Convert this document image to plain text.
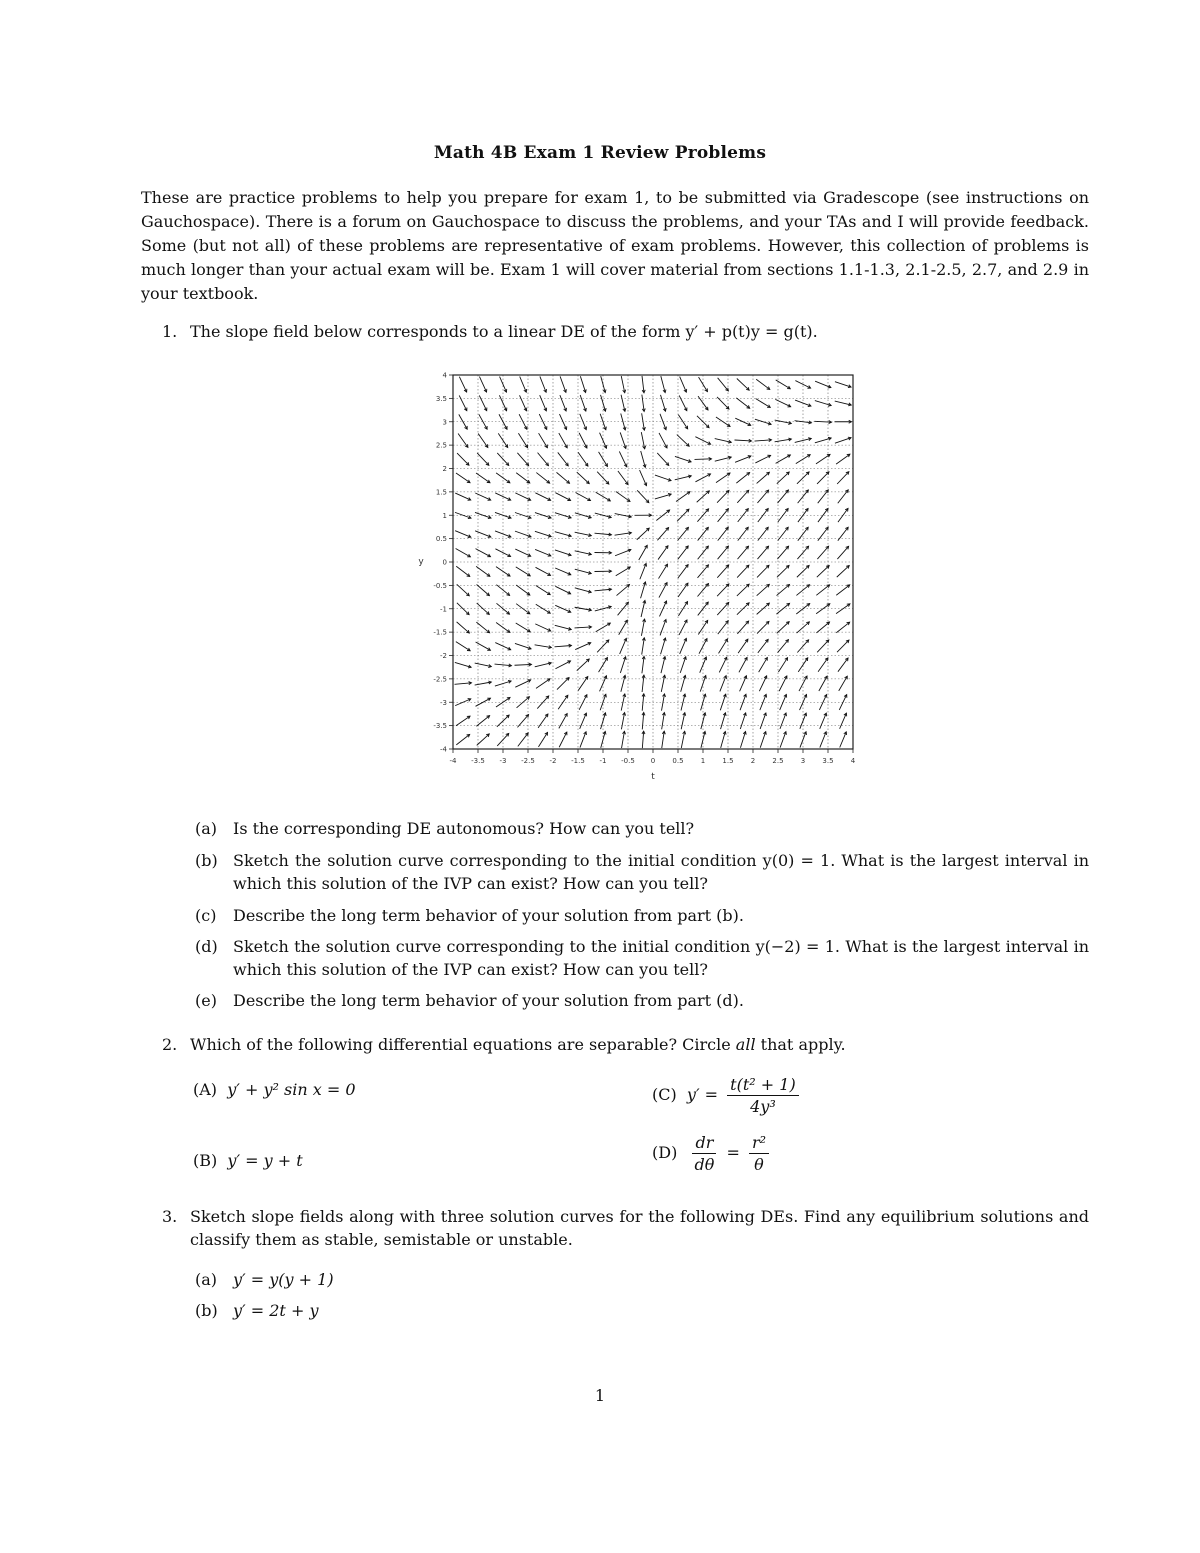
Math 4B Exam 1 Review Problems
These are practice problems to help you prepare for exam 1, to be submitted via Gradescope (see instructions on Gauchospace). There is a forum on Gauchospace to discuss the problems, and your TAs and I will provide feedback. Some (but not all) of these problems are representative of exam problems. However, this collection of problems is much longer than your actual exam will be. Exam 1 will cover material from sections 1.1-1.3, 2.1-2.5, 2.7, and 2.9 in your textbook.
1. The slope field below corresponds to a linear DE of the form y′ + p(t)y = g(t).
-4 -3.5 -3 -2.5 -2 -1.5 -1 -0.5 0 0.5 1 1.5 2 2.5 3 3.5 4
4
3.5
3
2.5
2
1.5
1
0.5
0
-0.5
-1
-1.5
-2
-2.5
-3
-3.5
-4
t
y
(a) Is the corresponding DE autonomous? How can you tell?
(b) Sketch the solution curve corresponding to the initial condition y(0) = 1. What is the largest interval in which this solution of the IVP can exist? How can you tell?
(c) Describe the long term behavior of your solution from part (b).
(d) Sketch the solution curve corresponding to the initial condition y(−2) = 1. What is the largest interval in which this solution of the IVP can exist? How can you tell?
(e) Describe the long term behavior of your solution from part (d).
2. Which of the following differential equations are separable? Circle all that apply.
(A) y′ + y² sin x = 0	(C) $y' = \frac{\text{t(t² + 1)}}{\text{4y³}}$
(B) y′ = y + t	$(D) \frac{dr}{d\theta} = \frac{\text{r²}}{\theta}$
3. Sketch slope fields along with three solution curves for the following DEs. Find any equilibrium solutions and classify them as stable, semistable or unstable.
(a) y′ = y(y + 1)
(b) y′ = 2t + y
1
